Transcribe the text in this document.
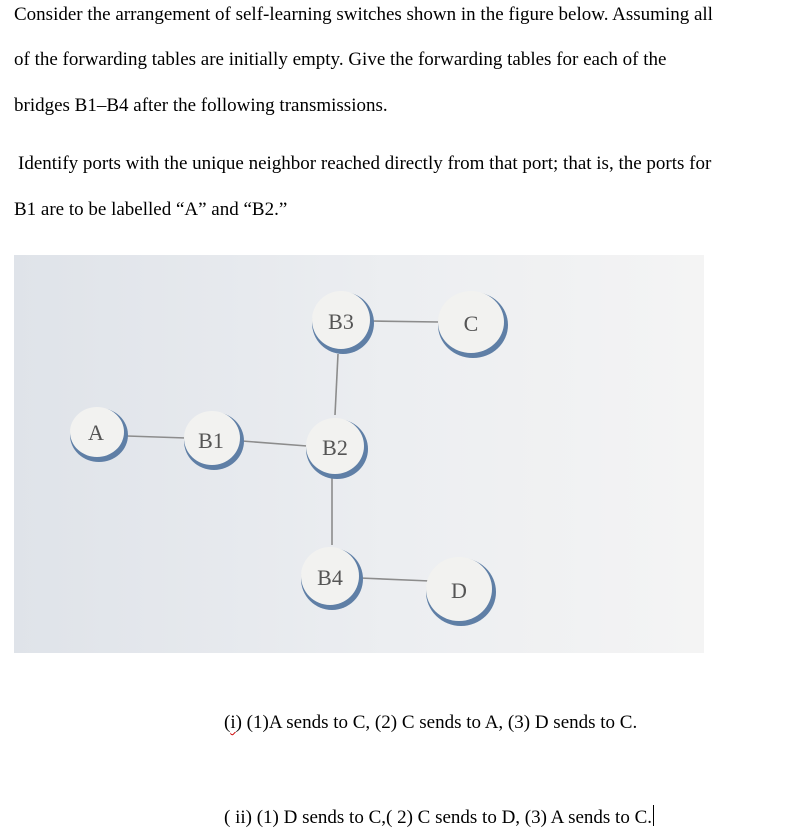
Consider the arrangement of self-learning switches shown in the figure below. Assuming all
of the forwarding tables are initially empty. Give the forwarding tables for each of the
bridges B1–B4 after the following transmissions.
Identify ports with the unique neighbor reached directly from that port; that is, the ports for
B1 are to be labelled “A” and “B2.”
A	B1	B2
B3
B4
C
D
(i) (1)A sends to C, (2) C sends to A, (3) D sends to C.
( ii) (1) D sends to C,( 2) C sends to D, (3) A sends to C.
